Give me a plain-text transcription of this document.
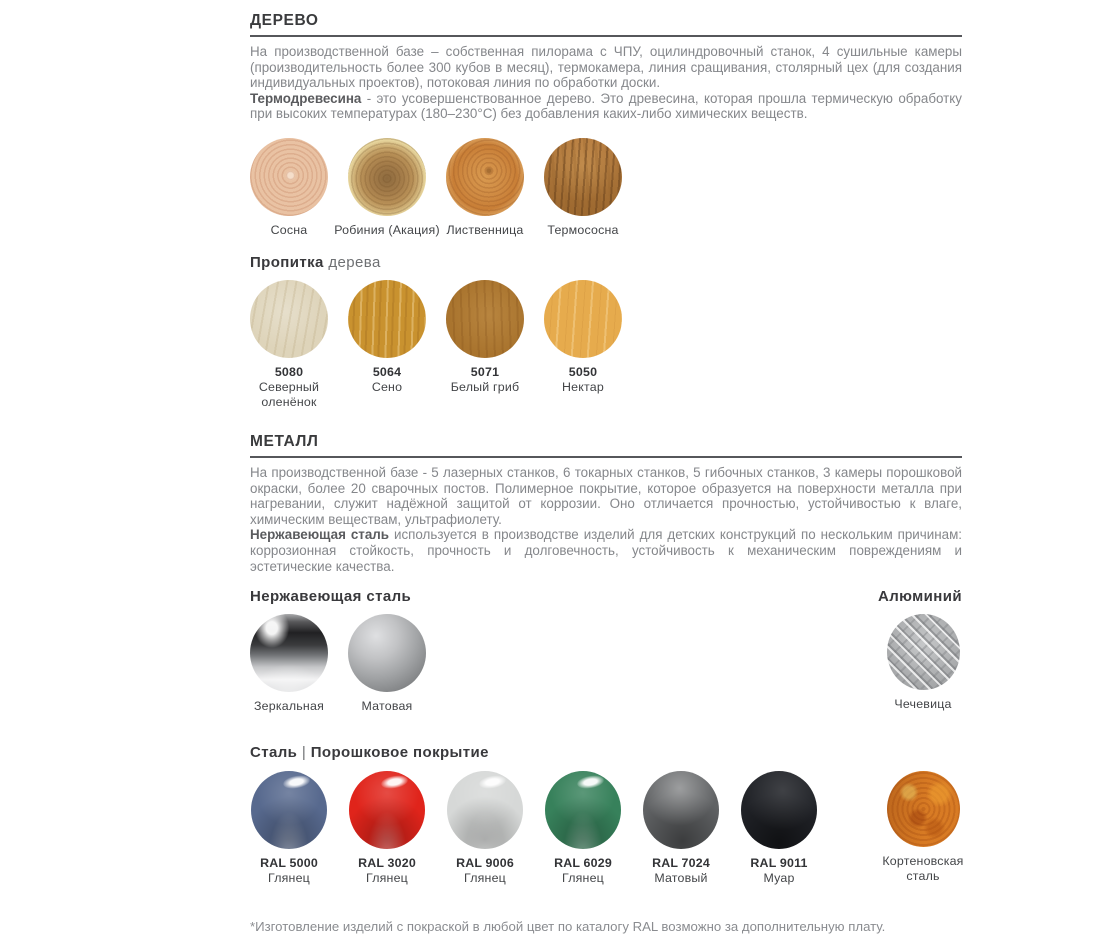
ДЕРЕВО

На производственной базе – собственная пилорама с ЧПУ, оцилиндровочный станок, 4 сушильные камеры (производительность более 300 кубов в месяц), термокамера, линия сращивания, столярный цех (для создания индивидуальных проектов), потоковая линия по обработки доски.

Термодревесина - это усовершенствованное дерево. Это древесина, которая прошла термическую обработку при высоких температурах (180–230°С) без добавления каких-либо химических веществ.

Сосна Робиния (Акация) Лиственница Термососна
Пропитка дерева
5080
Северный оленёнок
5064
Сено
5071
Белый гриб
5050
Нектар
МЕТАЛЛ

На производственной базе - 5 лазерных станков, 6 токарных станков, 5 гибочных станков, 3 камеры порошковой окраски, более 20 сварочных постов. Полимерное покрытие, которое образуется на поверхности металла при нагревании, служит надёжной защитой от коррозии. Оно отличается прочностью, устойчивостью к влаге, химическим веществам, ультрафиолету.

Нержавеющая сталь используется в производстве изделий для детских конструкций по нескольким причинам: коррозионная стойкость, прочность и долговечность, устойчивость к механическим повреждениям и эстетические качества.

Нержавеющая сталь	Алюминий
Зеркальная	Матовая	Чечевица
Сталь | Порошковое покрытие
RAL 5000
Глянец
RAL 3020
Глянец
RAL 9006
Глянец
RAL 6029
Глянец
RAL 7024
Матовый
RAL 9011
Муар
Кортеновская сталь

*Изготовление изделий с покраской в любой цвет по каталогу RAL возможно за дополнительную плату.
